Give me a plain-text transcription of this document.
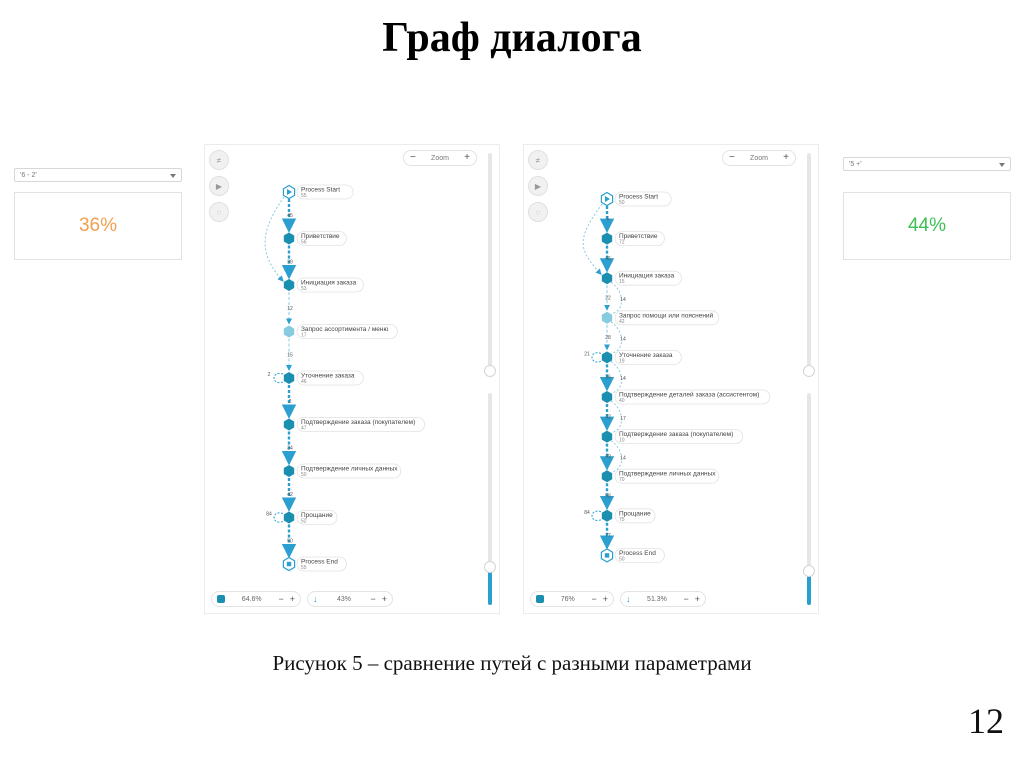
Граф диалога
'6 - 2'
36%
'5 +'
44%
≠
▶
◌
− Zoom +
45
39
12
15
2
34
42
50
Process Start
55
Приветствие
56
Инициация заказа
53
Запрос ассортимента / меню
17
Уточнение заказа
46
2
Подтверждение заказа (покупателем)
47
Подтверждение личных данных
50
Прощание
52
84
Process End
55
64.6%	− + ↓	43%	− +
≠
▶
◌
− Zoom +
5
46
22
28
36
42
49
58
77
14
14
14
17
14
Process Start
50
Приветствие
72
Инициация заказа
15
Запрос помощи или пояснений
42
Уточнение заказа
19
21
Подтверждение деталей заказа (ассистентом)
40
Подтверждение заказа (покупателем)
10
Подтверждение личных данных
70
Прощание
75
84
Process End
50
76%	− + ↓	51.3%	− +
Рисунок 5 – сравнение путей с разными параметрами
12
